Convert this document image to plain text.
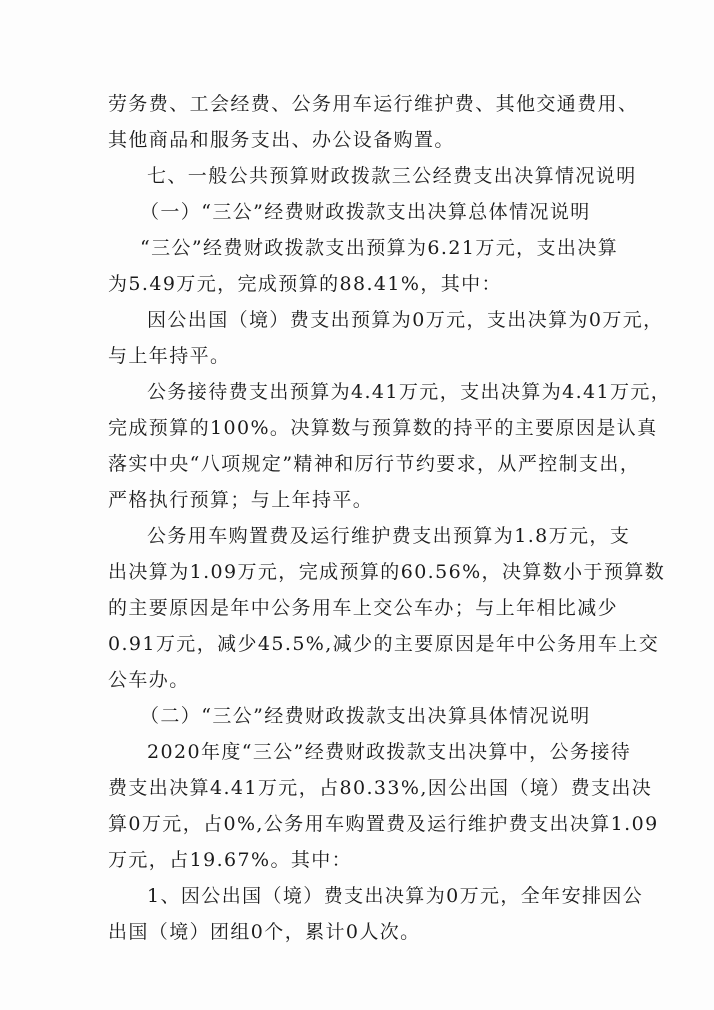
劳务费、工会经费、公务用车运行维护费、其他交通费用、
其他商品和服务支出、办公设备购置。
七、一般公共预算财政拨款三公经费支出决算情况说明
（一）“三公”经费财政拨款支出决算总体情况说明
“三公”经费财政拨款支出预算为6.21万元，支出决算
为5.49万元，完成预算的88.41%，其中：
因公出国（境）费支出预算为0万元，支出决算为0万元，
与上年持平。
公务接待费支出预算为4.41万元，支出决算为4.41万元，
完成预算的100%。决算数与预算数的持平的主要原因是认真
落实中央“八项规定”精神和厉行节约要求，从严控制支出，
严格执行预算；与上年持平。
公务用车购置费及运行维护费支出预算为1.8万元，支
出决算为1.09万元，完成预算的60.56%，决算数小于预算数
的主要原因是年中公务用车上交公车办；与上年相比减少
0.91万元，减少45.5%,减少的主要原因是年中公务用车上交
公车办。
（二）“三公”经费财政拨款支出决算具体情况说明
2020年度“三公”经费财政拨款支出决算中，公务接待
费支出决算4.41万元，占80.33%,因公出国（境）费支出决
算0万元，占0%,公务用车购置费及运行维护费支出决算1.09
万元，占19.67%。其中：
1、因公出国（境）费支出决算为0万元，全年安排因公
出国（境）团组0个，累计0人次。
